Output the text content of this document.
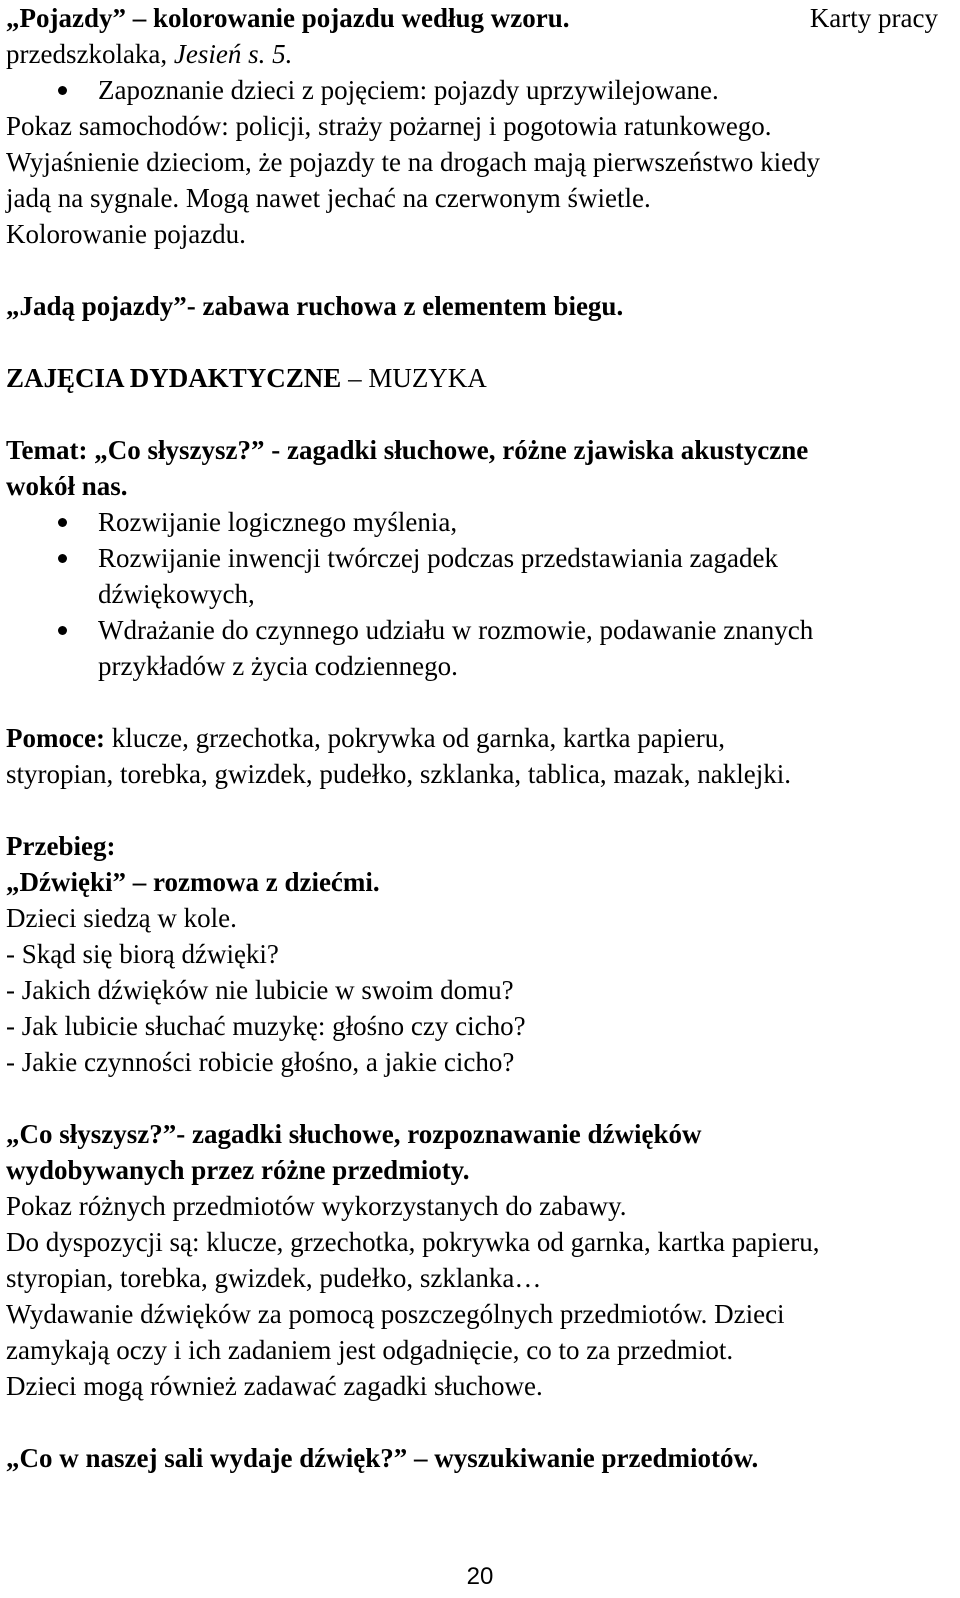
„Pojazdy” – kolorowanie pojazdu według wzoru.	Karty pracy
przedszkolaka, Jesień s. 5.
Zapoznanie dzieci z pojęciem: pojazdy uprzywilejowane.
Pokaz samochodów: policji, straży pożarnej i pogotowia ratunkowego.
Wyjaśnienie dzieciom, że pojazdy te na drogach mają pierwszeństwo kiedy
jadą na sygnale. Mogą nawet jechać na czerwonym świetle.
Kolorowanie pojazdu.
„Jadą pojazdy”- zabawa ruchowa z elementem biegu.
ZAJĘCIA DYDAKTYCZNE – MUZYKA
Temat: „Co słyszysz?” - zagadki słuchowe, różne zjawiska akustyczne
wokół nas.
Rozwijanie logicznego myślenia,
Rozwijanie inwencji twórczej podczas przedstawiania zagadek
dźwiękowych,
Wdrażanie do czynnego udziału w rozmowie, podawanie znanych
przykładów z życia codziennego.
Pomoce: klucze, grzechotka, pokrywka od garnka, kartka papieru,
styropian, torebka, gwizdek, pudełko, szklanka, tablica, mazak, naklejki.
Przebieg:
„Dźwięki” – rozmowa z dziećmi.
Dzieci siedzą w kole.
- Skąd się biorą dźwięki?
- Jakich dźwięków nie lubicie w swoim domu?
- Jak lubicie słuchać muzykę: głośno czy cicho?
- Jakie czynności robicie głośno, a jakie cicho?
„Co słyszysz?”- zagadki słuchowe, rozpoznawanie dźwięków
wydobywanych przez różne przedmioty.
Pokaz różnych przedmiotów wykorzystanych do zabawy.
Do dyspozycji są: klucze, grzechotka, pokrywka od garnka, kartka papieru,
styropian, torebka, gwizdek, pudełko, szklanka…
Wydawanie dźwięków za pomocą poszczególnych przedmiotów. Dzieci
zamykają oczy i ich zadaniem jest odgadnięcie, co to za przedmiot.
Dzieci mogą również zadawać zagadki słuchowe.
„Co w naszej sali wydaje dźwięk?” – wyszukiwanie przedmiotów.
20
